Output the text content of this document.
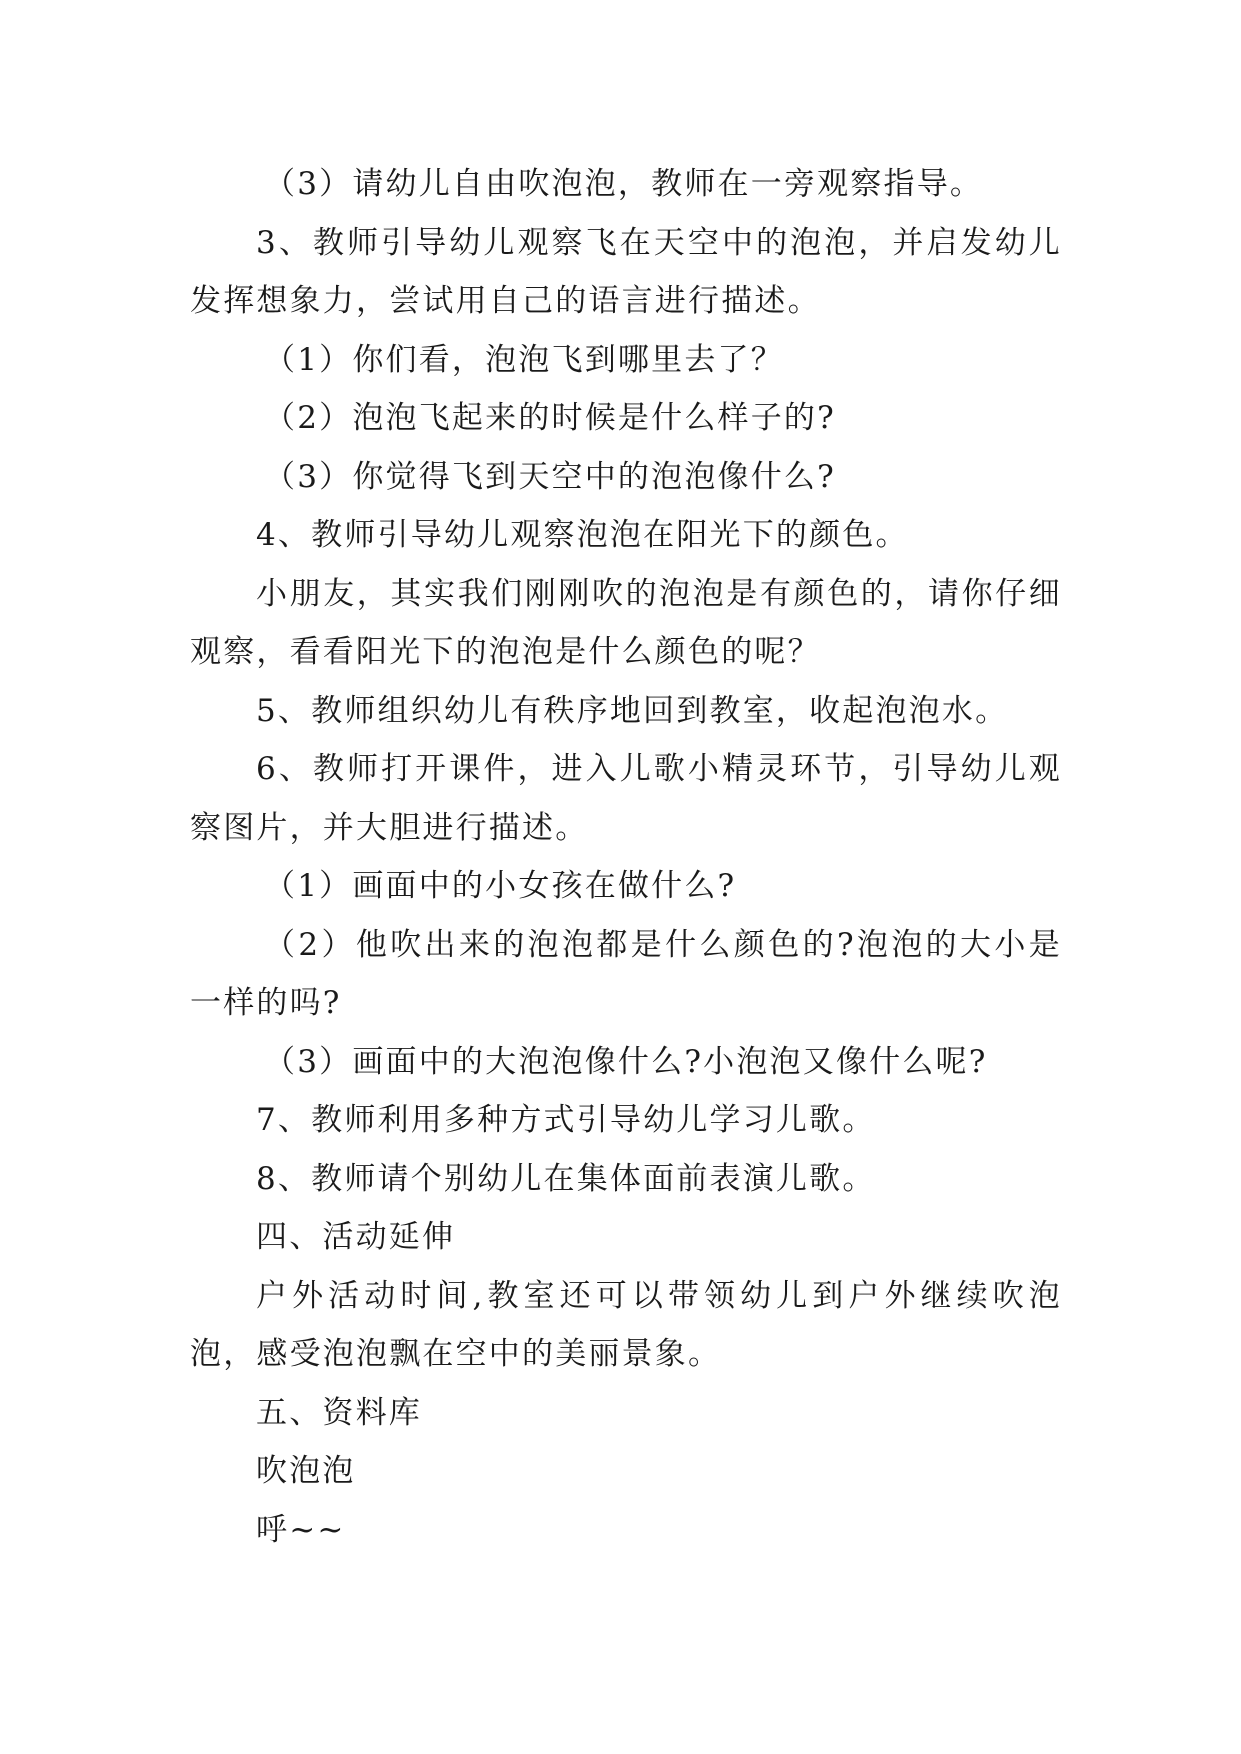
（3）请幼儿自由吹泡泡，教师在一旁观察指导。

3、教师引导幼儿观察飞在天空中的泡泡，并启发幼儿发挥想象力，尝试用自己的语言进行描述。

（1）你们看，泡泡飞到哪里去了？

（2）泡泡飞起来的时候是什么样子的?

（3）你觉得飞到天空中的泡泡像什么?

4、教师引导幼儿观察泡泡在阳光下的颜色。

小朋友，其实我们刚刚吹的泡泡是有颜色的，请你仔细观察，看看阳光下的泡泡是什么颜色的呢？

5、教师组织幼儿有秩序地回到教室，收起泡泡水。

6、教师打开课件，进入儿歌小精灵环节，引导幼儿观察图片，并大胆进行描述。

（1）画面中的小女孩在做什么?

（2）他吹出来的泡泡都是什么颜色的?泡泡的大小是一样的吗?

（3）画面中的大泡泡像什么?小泡泡又像什么呢?

7、教师利用多种方式引导幼儿学习儿歌。

8、教师请个别幼儿在集体面前表演儿歌。

四、活动延伸

户外活动时间,教室还可以带领幼儿到户外继续吹泡泡，感受泡泡飘在空中的美丽景象。

五、资料库

吹泡泡

呼~~
